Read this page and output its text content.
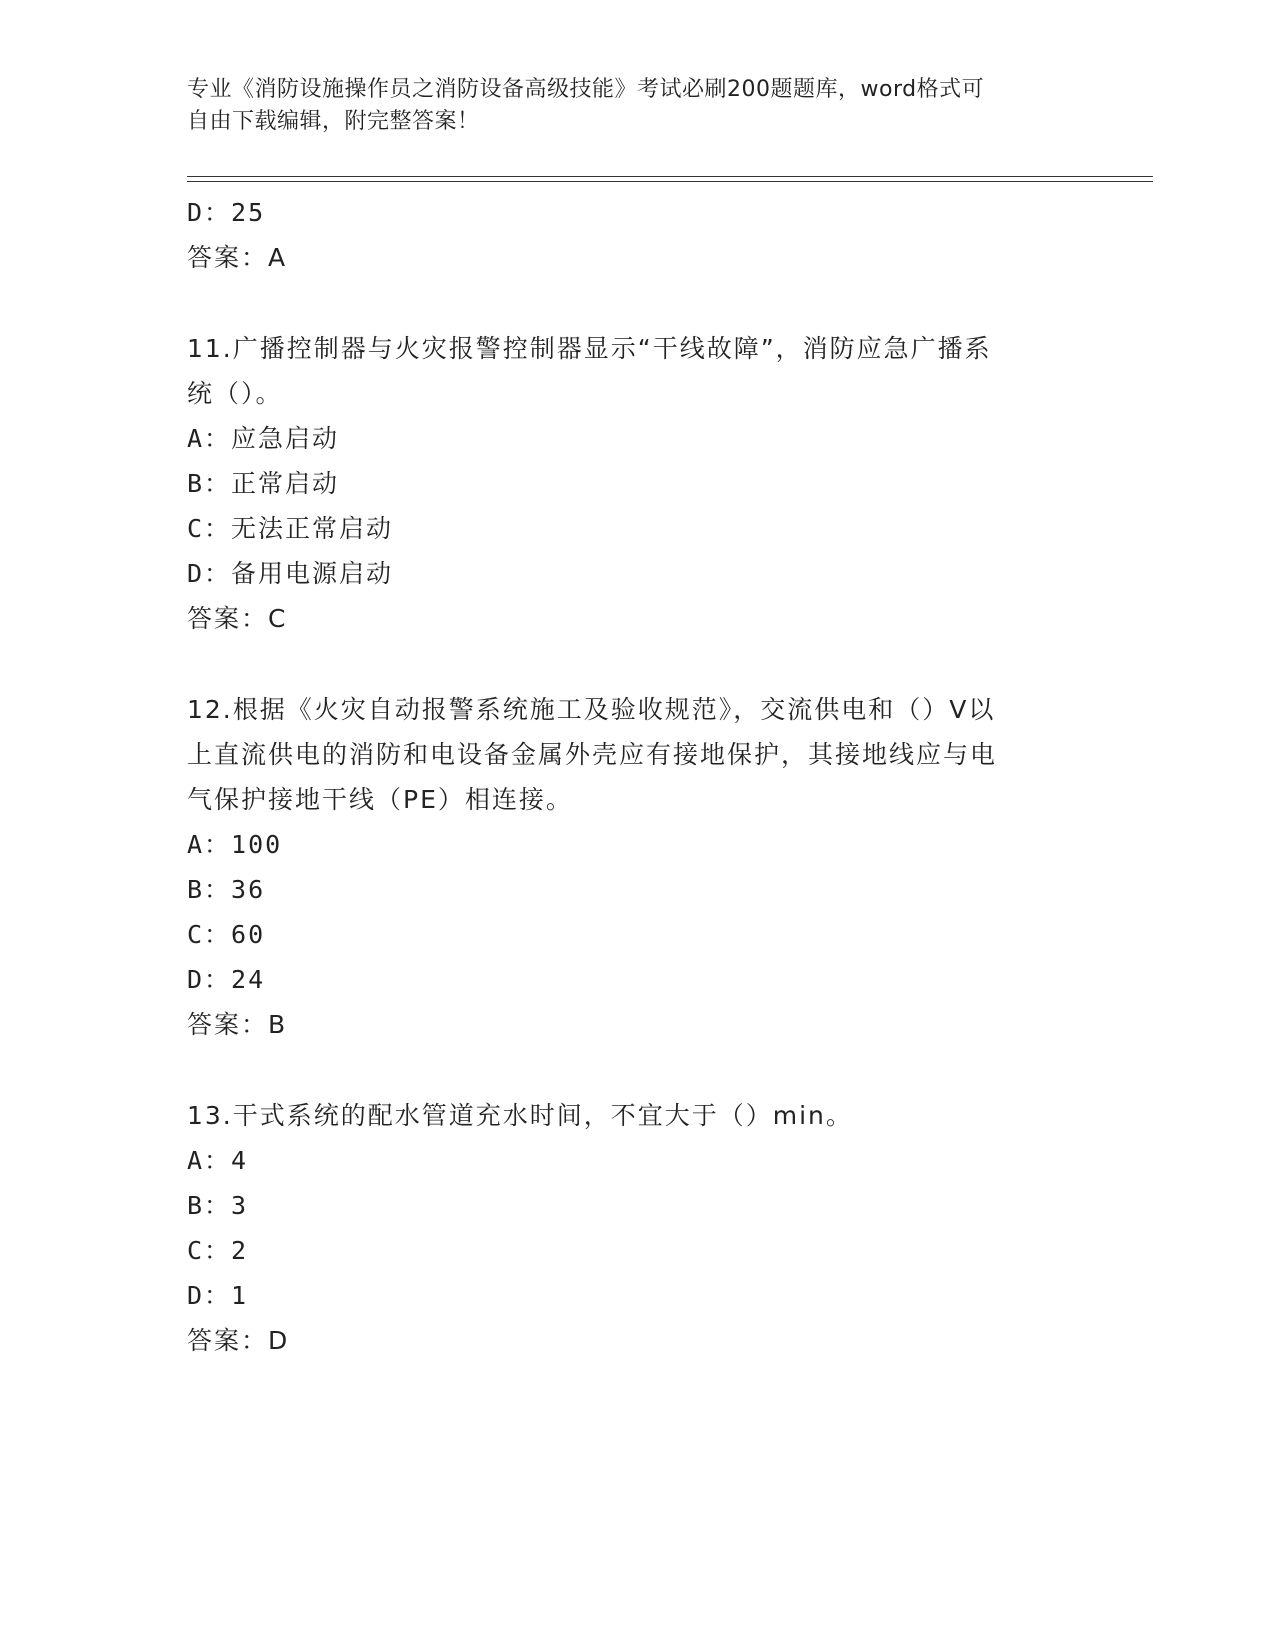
专业《消防设施操作员之消防设备高级技能》考试必刷200题题库，word格式可
自由下载编辑，附完整答案！
D：25
答案：A
11.广播控制器与火灾报警控制器显示“干线故障”，消防应急广播系
统（）。
A：应急启动
B：正常启动
C：无法正常启动
D：备用电源启动
答案：C
12.根据《火灾自动报警系统施工及验收规范》，交流供电和（）V以
上直流供电的消防和电设备金属外壳应有接地保护，其接地线应与电
气保护接地干线（PE）相连接。
A：100
B：36
C：60
D：24
答案：B
13.干式系统的配水管道充水时间，不宜大于（）min。
A：4
B：3
C：2
D：1
答案：D
